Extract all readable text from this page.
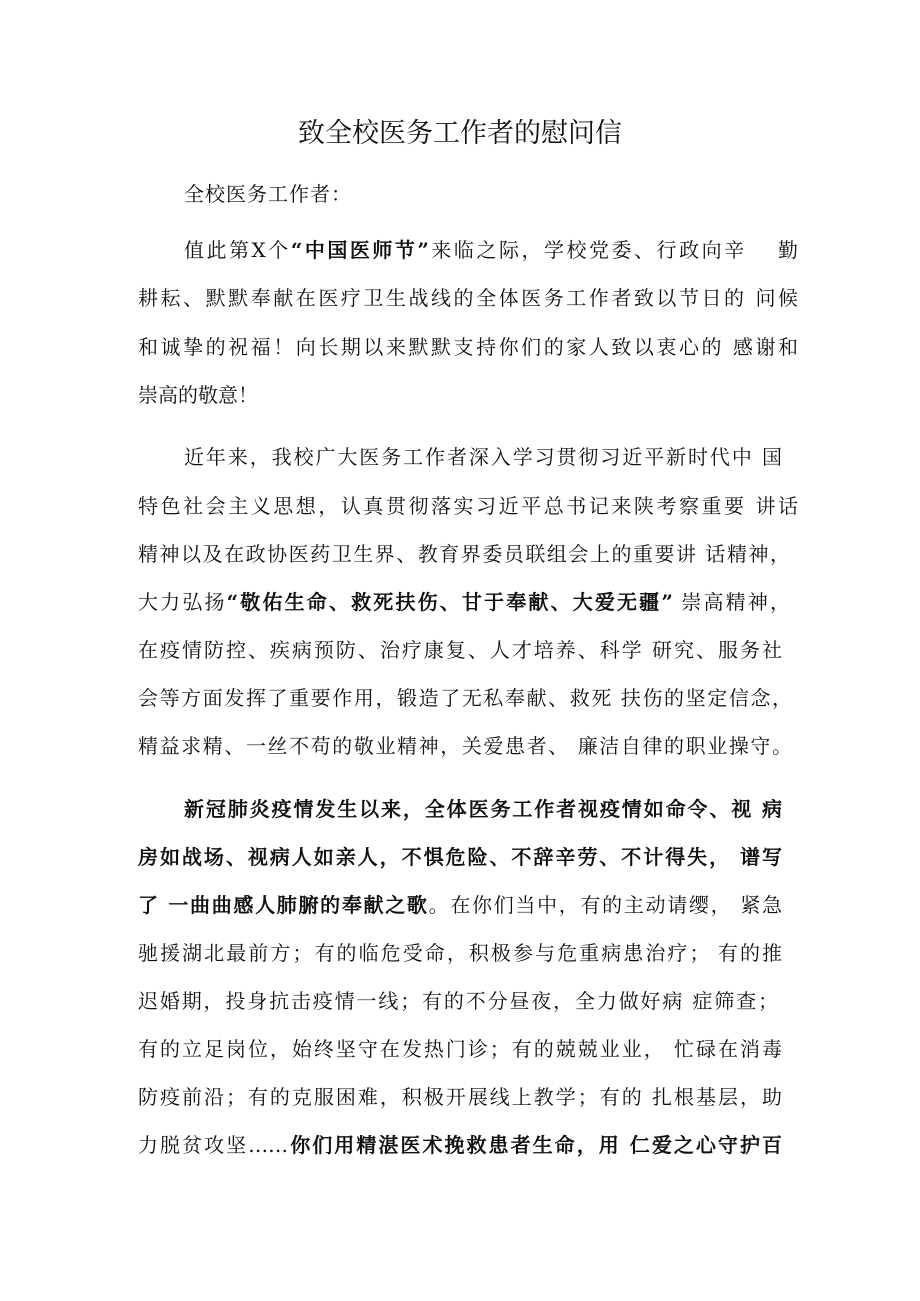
致全校医务工作者的慰问信
全校医务工作者：
值此第X个“中国医师节”来临之际，学校党委、行政向辛　 勤
耕耘、默默奉献在医疗卫生战线的全体医务工作者致以节日的 问候
和诚挚的祝福！向长期以来默默支持你们的家人致以衷心的 感谢和
崇高的敬意！
近年来，我校广大医务工作者深入学习贯彻习近平新时代中 国
特色社会主义思想，认真贯彻落实习近平总书记来陕考察重要 讲话
精神以及在政协医药卫生界、教育界委员联组会上的重要讲 话精神，
大力弘扬“敬佑生命、救死扶伤、甘于奉献、大爱无疆” 崇高精神，
在疫情防控、疾病预防、治疗康复、人才培养、科学 研究、服务社
会等方面发挥了重要作用，锻造了无私奉献、救死 扶伤的坚定信念，
精益求精、一丝不苟的敬业精神，关爱患者、 廉洁自律的职业操守。
新冠肺炎疫情发生以来，全体医务工作者视疫情如命令、视 病
房如战场、视病人如亲人，不惧危险、不辞辛劳、不计得失， 谱写
了 一曲曲感人肺腑的奉献之歌。在你们当中，有的主动请缨， 紧急
驰援湖北最前方；有的临危受命，积极参与危重病患治疗； 有的推
迟婚期，投身抗击疫情一线；有的不分昼夜，全力做好病 症筛查；
有的立足岗位，始终坚守在发热门诊；有的兢兢业业， 忙碌在消毒
防疫前沿；有的克服困难，积极开展线上教学；有的 扎根基层，助
力脱贫攻坚……你们用精湛医术挽救患者生命，用 仁爱之心守护百
